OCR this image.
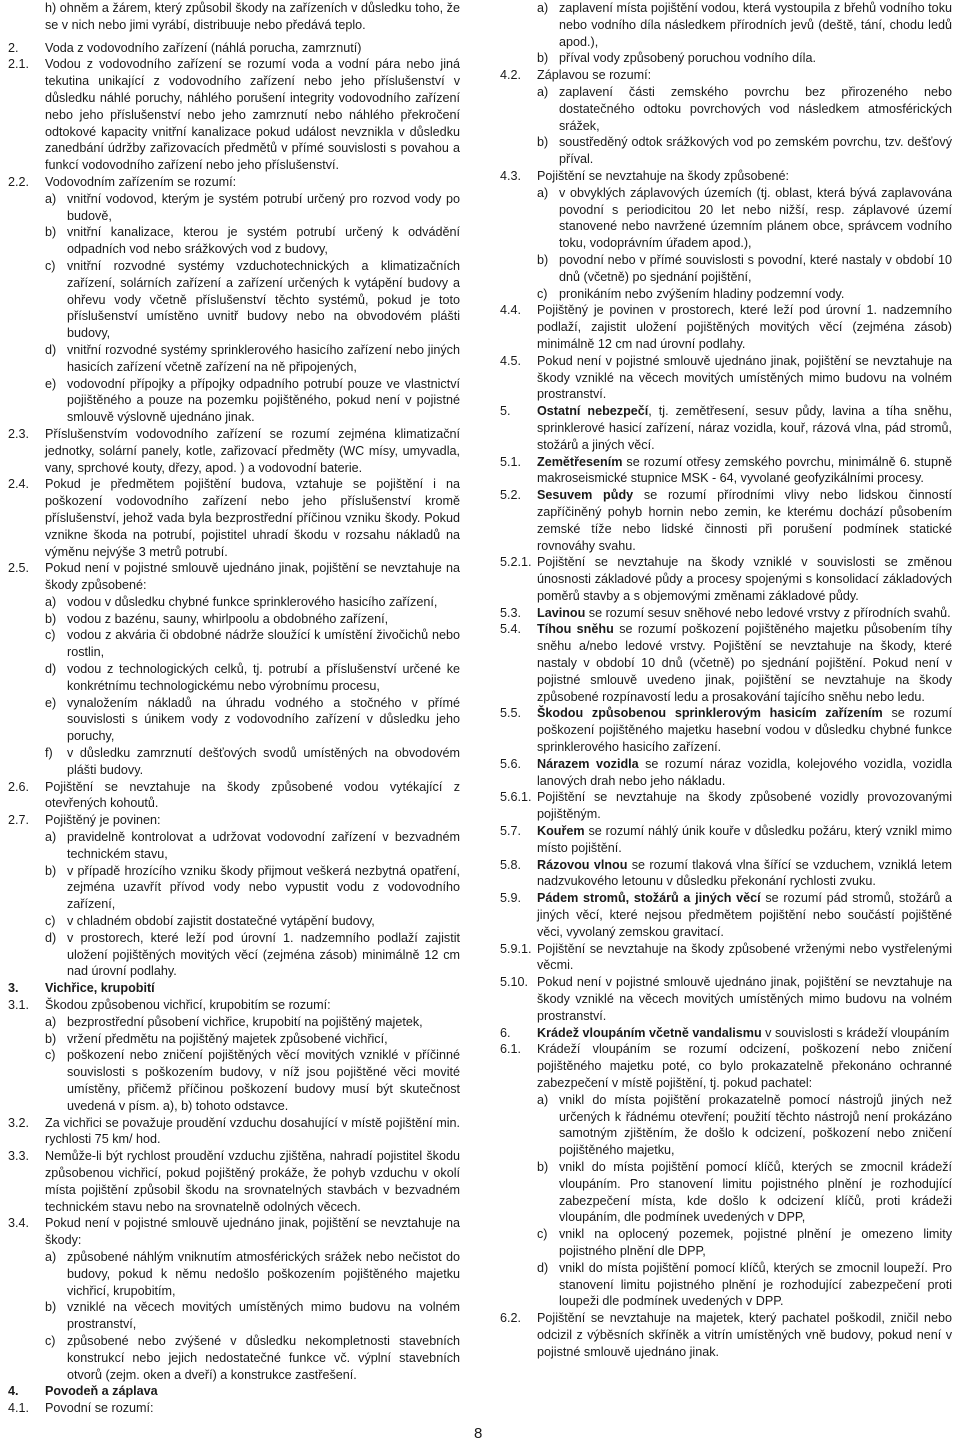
h) ohněm a žárem, který způsobil škody na zařízeních v důsledku toho, že se v nich nebo jimi vyrábí, distribuuje nebo předává teplo.
2.	Voda z vodovodního zařízení (náhlá porucha, zamrznutí)
2.1.	Vodou z vodovodního zařízení se rozumí voda a vodní pára nebo jiná tekutina unikající z vodovodního zařízení nebo jeho příslušenství v důsledku náhlé poruchy, náhlého porušení integrity vodovodního zařízení nebo jeho příslušenství nebo jeho zamrznutí nebo náhlého překročení odtokové kapacity vnitřní kanalizace pokud událost nevznikla v důsledku zanedbání údržby zařizovacích předmětů v přímé souvislosti s povahou a funkcí vodovodního zařízení nebo jeho příslušenství.
2.2.	Vodovodním zařízením se rozumí:
a) vnitřní vodovod, kterým je systém potrubí určený pro rozvod vody po budově,
b) vnitřní kanalizace, kterou je systém potrubí určený k odvádění odpadních vod nebo srážkových vod z budovy,
c) vnitřní rozvodné systémy vzduchotechnických a klimatizačních zařízení, solárních zařízení a zařízení určených k vytápění budovy a ohřevu vody včetně příslušenství těchto systémů, pokud je toto příslušenství umístěno uvnitř budovy nebo na obvodovém plášti budovy,
d) vnitřní rozvodné systémy sprinklerového hasicího zařízení nebo jiných hasicích zařízení včetně zařízení na ně připojených,
e) vodovodní přípojky a přípojky odpadního potrubí pouze ve vlastnictví pojištěného a pouze na pozemku pojištěného, pokud není v pojistné smlouvě výslovně ujednáno jinak.
2.3.	Příslušenstvím vodovodního zařízení se rozumí zejména klimatizační jednotky, solární panely, kotle, zařizovací předměty (WC mísy, umyvadla, vany, sprchové kouty, dřezy, apod. ) a vodovodní baterie.
2.4.	Pokud je předmětem pojištění budova, vztahuje se pojištění i na poškození vodovodního zařízení nebo jeho příslušenství kromě příslušenství, jehož vada byla bezprostřední příčinou vzniku škody. Pokud vznikne škoda na potrubí, pojistitel uhradí škodu v rozsahu nákladů na výměnu nejvýše 3 metrů potrubí.
2.5.	Pokud není v pojistné smlouvě ujednáno jinak, pojištění se nevztahuje na škody způsobené:
a) vodou v důsledku chybné funkce sprinklerového hasicího zařízení,
b) vodou z bazénu, sauny, whirlpoolu a obdobného zařízení,
c) vodou z akvária či obdobné nádrže sloužící k umístění živočichů nebo rostlin,
d) vodou z technologických celků, tj. potrubí a příslušenství určené ke konkrétnímu technologickému nebo výrobnímu procesu,
e) vynaložením nákladů na úhradu vodného a stočného v přímé souvislosti s únikem vody z vodovodního zařízení v důsledku jeho poruchy,
f)	v důsledku zamrznutí dešťových svodů umístěných na obvodovém plášti budovy.
2.6.	Pojištění se nevztahuje na škody způsobené vodou vytékající z otevřených kohoutů.
2.7.	Pojištěný je povinen:
a) pravidelně kontrolovat a udržovat vodovodní zařízení v bezvadném technickém stavu,
b) v případě hrozícího vzniku škody přijmout veškerá nezbytná opatření, zejména uzavřít přívod vody nebo vypustit vodu z vodovodního zařízení,
c) v chladném období zajistit dostatečné vytápění budovy,
d) v prostorech, které leží pod úrovní 1. nadzemního podlaží zajistit uložení pojištěných movitých věcí (zejména zásob) minimálně 12 cm nad úrovní podlahy.
3.	Vichřice, krupobití
3.1.	Škodou způsobenou vichřicí, krupobitím se rozumí:
a) bezprostřední působení vichřice, krupobití na pojištěný majetek,
b) vržení předmětu na pojištěný majetek způsobené vichřicí,
c) poškození nebo zničení pojištěných věcí movitých vzniklé v příčinné souvislosti s poškozením budovy, v níž jsou pojištěné věci movité umístěny, přičemž příčinou poškození budovy musí být skutečnost uvedená v písm. a), b) tohoto odstavce.
3.2.	Za vichřici se považuje proudění vzduchu dosahující v místě pojištění min. rychlosti 75 km/ hod.
3.3.	Nemůže-li být rychlost proudění vzduchu zjištěna, nahradí pojistitel škodu způsobenou vichřicí, pokud pojištěný prokáže, že pohyb vzduchu v okolí místa pojištění způsobil škodu na srovnatelných stavbách v bezvadném technickém stavu nebo na srovnatelně odolných věcech.
3.4.	Pokud není v pojistné smlouvě ujednáno jinak, pojištění se nevztahuje na škody:
a) způsobené náhlým vniknutím atmosférických srážek nebo nečistot do budovy, pokud k němu nedošlo poškozením pojištěného majetku vichřicí, krupobitím,
b) vzniklé na věcech movitých umístěných mimo budovu na volném prostranství,
c) způsobené nebo zvýšené v důsledku nekompletnosti stavebních konstrukcí nebo jejich nedostatečné funkce vč. výplní stavebních otvorů (zejm. oken a dveří) a konstrukce zastřešení.
4.	Povodeň a záplava
4.1.	Povodní se rozumí:
a) zaplavení místa pojištění vodou, která vystoupila z břehů vodního toku nebo vodního díla následkem přírodních jevů (deště, tání, chodu ledů apod.),
b) příval vody způsobený poruchou vodního díla.
4.2.	Záplavou se rozumí:
a) zaplavení části zemského povrchu bez přirozeného nebo dostatečného odtoku povrchových vod následkem atmosférických srážek,
b) soustředěný odtok srážkových vod po zemském povrchu, tzv. dešťový příval.
4.3.	Pojištění se nevztahuje na škody způsobené:
a) v obvyklých záplavových územích (tj. oblast, která bývá zaplavována povodní s periodicitou 20 let nebo nižší, resp. záplavové území stanovené nebo navržené územním plánem obce, správcem vodního toku, vodoprávním úřadem apod.),
b) povodní nebo v přímé souvislosti s povodní, které nastaly v období 10 dnů (včetně) po sjednání pojištění,
c) pronikáním nebo zvýšením hladiny podzemní vody.
4.4.	Pojištěný je povinen v prostorech, které leží pod úrovní 1. nadzemního podlaží, zajistit uložení pojištěných movitých věcí (zejména zásob) minimálně 12 cm nad úrovní podlahy.
4.5.	Pokud není v pojistné smlouvě ujednáno jinak, pojištění se nevztahuje na škody vzniklé na věcech movitých umístěných mimo budovu na volném prostranství.
5.	Ostatní nebezpečí, tj. zemětřesení, sesuv půdy, lavina a tíha sněhu, sprinklerové hasicí zařízení, náraz vozidla, kouř, rázová vlna, pád stromů, stožárů a jiných věcí.
5.1.	Zemětřesením se rozumí otřesy zemského povrchu, minimálně 6. stupně makroseismické stupnice MSK - 64, vyvolané geofyzikálními procesy.
5.2.	Sesuvem půdy se rozumí přírodními vlivy nebo lidskou činností zapříčiněný pohyb hornin nebo zemin, ke kterému dochází působením zemské tíže nebo lidské činnosti při porušení podmínek statické rovnováhy svahu.
5.2.1. Pojištění se nevztahuje na škody vzniklé v souvislosti se změnou únosnosti základové půdy a procesy spojenými s konsolidací základových poměrů stavby a s objemovými změnami základové půdy.
5.3.	Lavinou se rozumí sesuv sněhové nebo ledové vrstvy z přírodních svahů.
5.4.	Tíhou sněhu se rozumí poškození pojištěného majetku působením tíhy sněhu a/nebo ledové vrstvy. Pojištění se nevztahuje na škody, které nastaly v období 10 dnů (včetně) po sjednání pojištění. Pokud není v pojistné smlouvě uvedeno jinak, pojištění se nevztahuje na škody způsobené rozpínavostí ledu a prosakování tajícího sněhu nebo ledu.
5.5.	Škodou způsobenou sprinklerovým hasicím zařízením se rozumí poškození pojištěného majetku hasební vodou v důsledku chybné funkce sprinklerového hasicího zařízení.
5.6.	Nárazem vozidla se rozumí náraz vozidla, kolejového vozidla, vozidla lanových drah nebo jeho nákladu.
5.6.1. Pojištění se nevztahuje na škody způsobené vozidly provozovanými pojištěným.
5.7.	Kouřem se rozumí náhlý únik kouře v důsledku požáru, který vznikl mimo místo pojištění.
5.8.	Rázovou vlnou se rozumí tlaková vlna šířící se vzduchem, vzniklá letem nadzvukového letounu v důsledku překonání rychlosti zvuku.
5.9.	Pádem stromů, stožárů a jiných věcí se rozumí pád stromů, stožárů a jiných věcí, které nejsou předmětem pojištění nebo součástí pojištěné věci, vyvolaný zemskou gravitací.
5.9.1. Pojištění se nevztahuje na škody způsobené vrženými nebo vystřelenými věcmi.
5.10. Pokud není v pojistné smlouvě ujednáno jinak, pojištění se nevztahuje na škody vzniklé na věcech movitých umístěných mimo budovu na volném prostranství.
6.	Krádež vloupáním včetně vandalismu v souvislosti s krádeží vloupáním
6.1.	Krádeží vloupáním se rozumí odcizení, poškození nebo zničení pojištěného majetku poté, co bylo prokazatelně překonáno ochranné zabezpečení v místě pojištění, tj. pokud pachatel:
a) vnikl do místa pojištění prokazatelně pomocí nástrojů jiných než určených k řádnému otevření; použití těchto nástrojů není prokázáno samotným zjištěním, že došlo k odcizení, poškození nebo zničení pojištěného majetku,
b) vnikl do místa pojištění pomocí klíčů, kterých se zmocnil krádeží vloupáním. Pro stanovení limitu pojistného plnění je rozhodující zabezpečení místa, kde došlo k odcizení klíčů, proti krádeži vloupáním, dle podmínek uvedených v DPP,
c) vnikl na oplocený pozemek, pojistné plnění je omezeno limity pojistného plnění dle DPP,
d) vnikl do místa pojištění pomocí klíčů, kterých se zmocnil loupeží. Pro stanovení limitu pojistného plnění je rozhodující zabezpečení proti loupeži dle podmínek uvedených v DPP.
6.2.	Pojištění se nevztahuje na majetek, který pachatel poškodil, zničil nebo odcizil z výběsních skříněk a vitrín umístěných vně budovy, pokud není v pojistné smlouvě ujednáno jinak.
8
